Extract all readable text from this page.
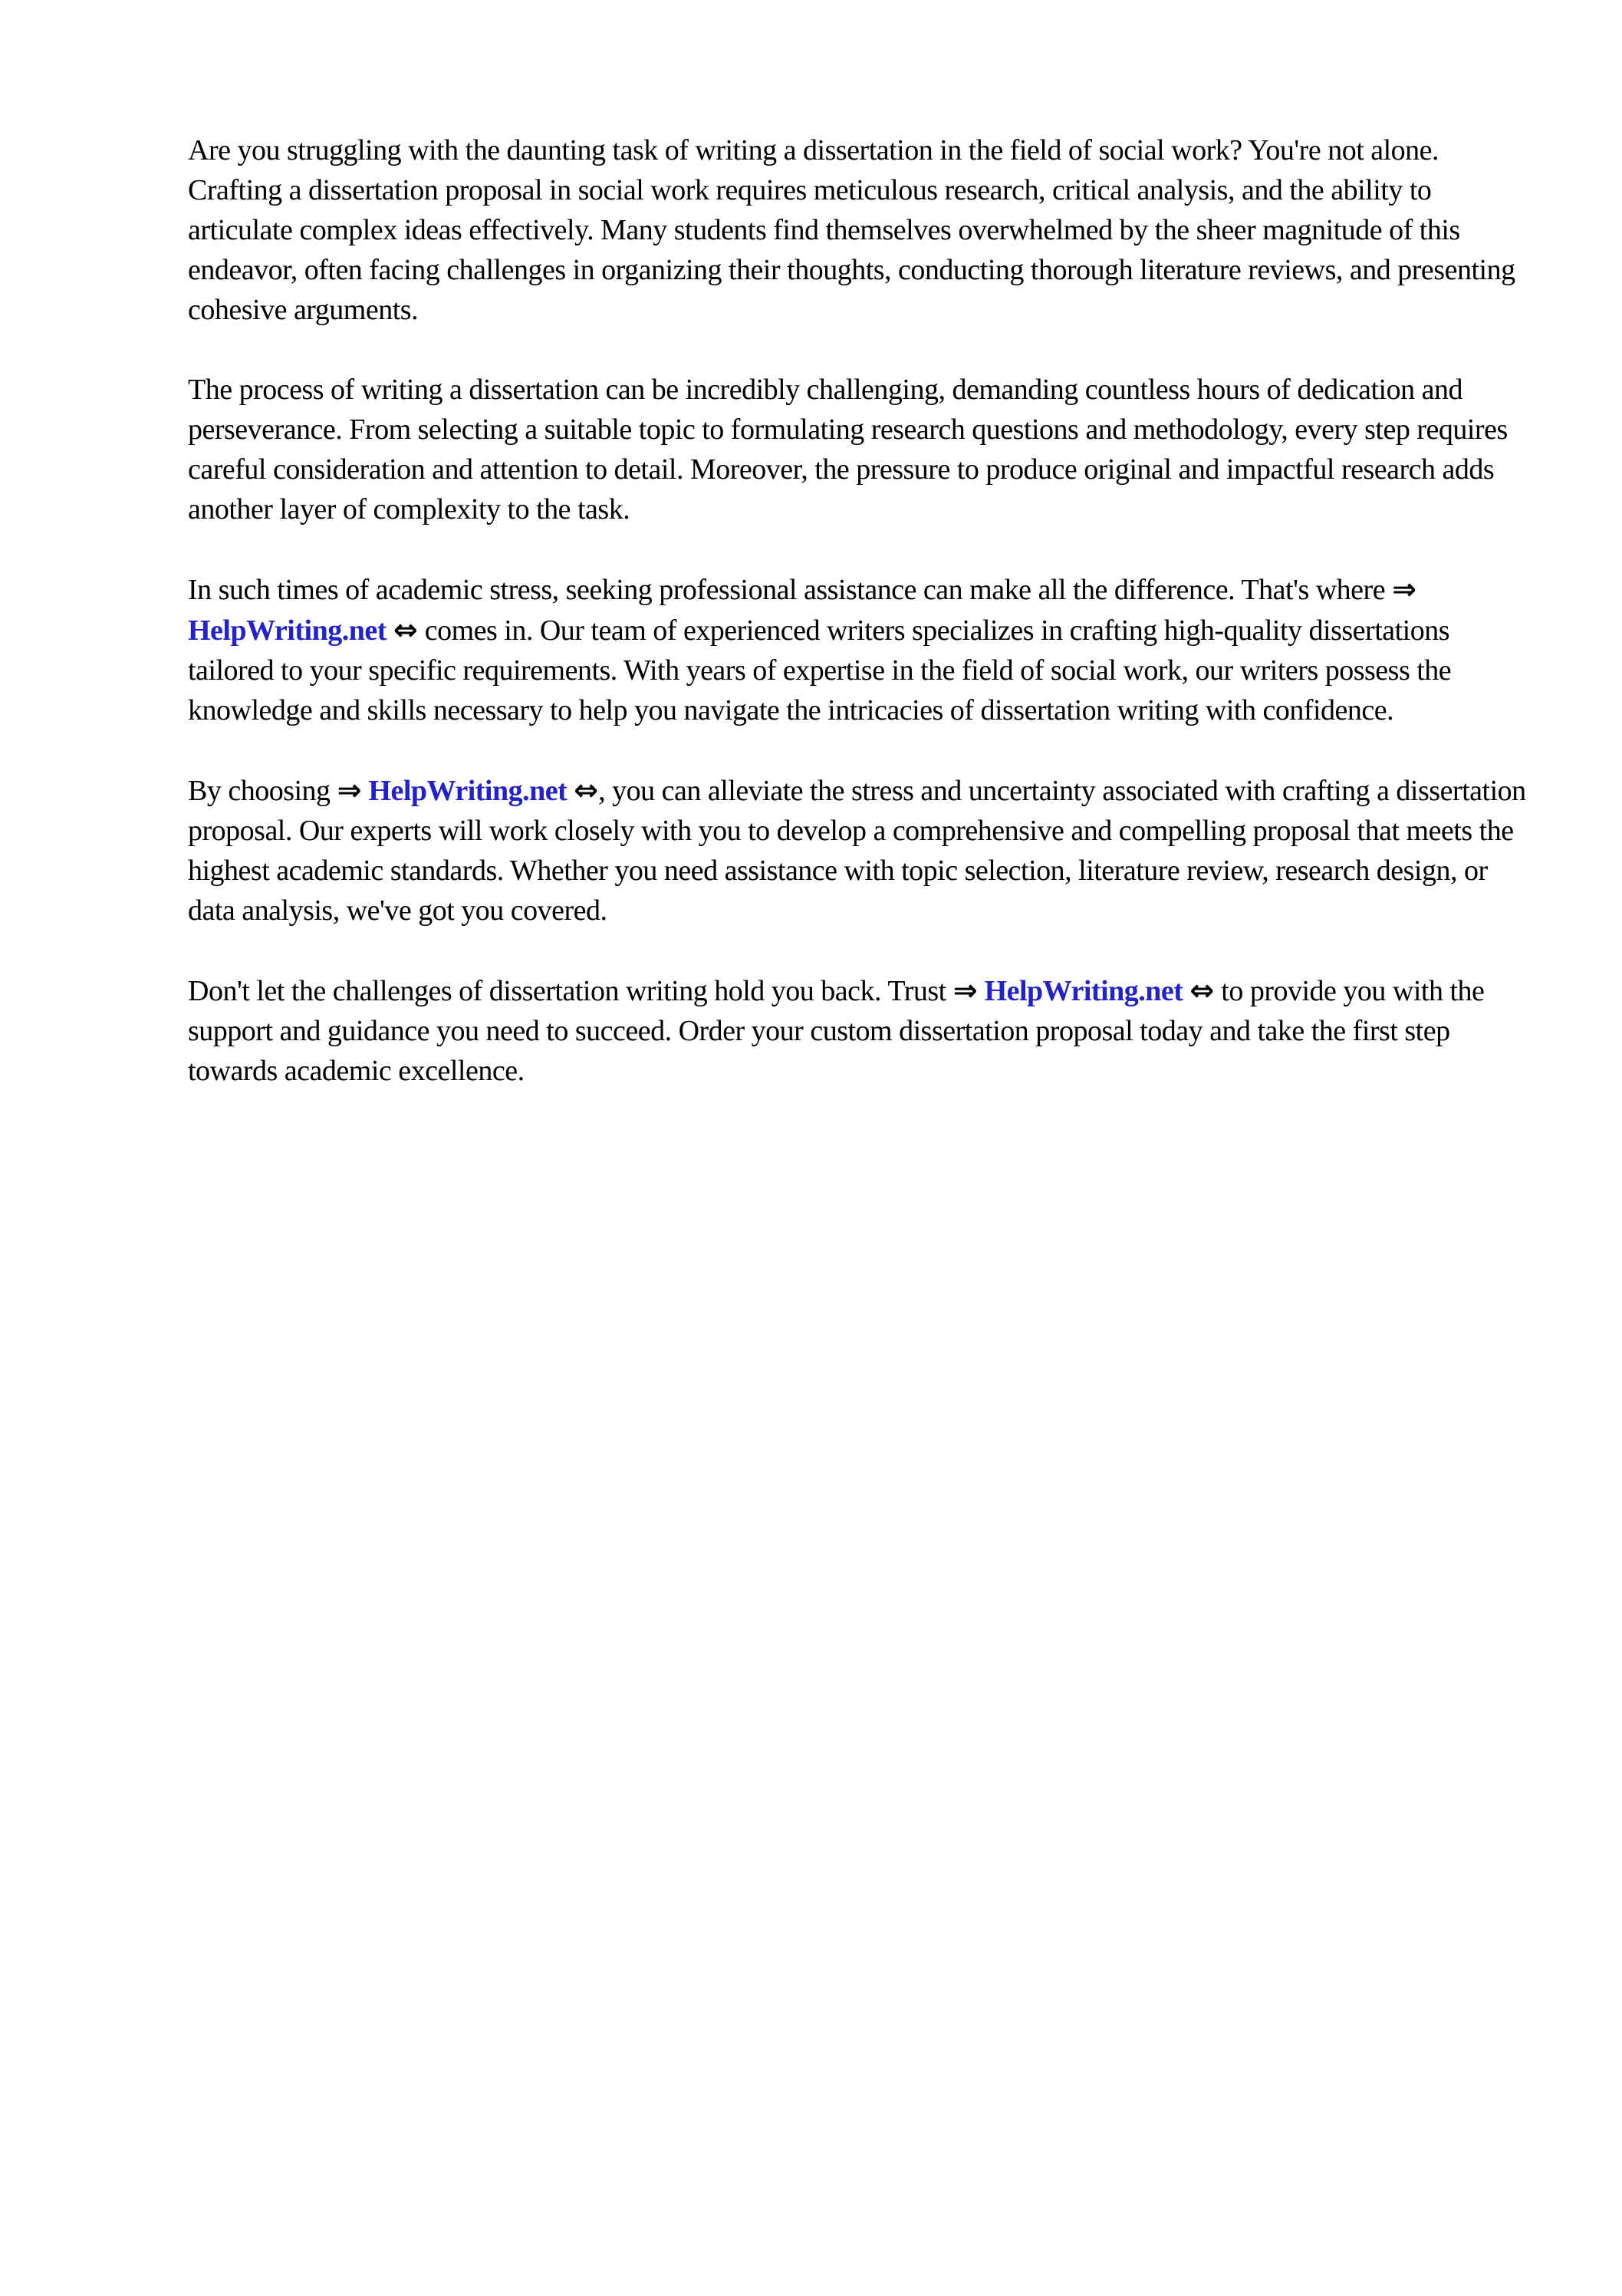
Are you struggling with the daunting task of writing a dissertation in the field of social work? You're not alone. Crafting a dissertation proposal in social work requires meticulous research, critical analysis, and the ability to articulate complex ideas effectively. Many students find themselves overwhelmed by the sheer magnitude of this endeavor, often facing challenges in organizing their thoughts, conducting thorough literature reviews, and presenting cohesive arguments.

The process of writing a dissertation can be incredibly challenging, demanding countless hours of dedication and perseverance. From selecting a suitable topic to formulating research questions and methodology, every step requires careful consideration and attention to detail. Moreover, the pressure to produce original and impactful research adds another layer of complexity to the task.

In such times of academic stress, seeking professional assistance can make all the difference. That's where ⇒ HelpWriting.net ⇔ comes in. Our team of experienced writers specializes in crafting high-quality dissertations tailored to your specific requirements. With years of expertise in the field of social work, our writers possess the knowledge and skills necessary to help you navigate the intricacies of dissertation writing with confidence.

By choosing ⇒ HelpWriting.net ⇔, you can alleviate the stress and uncertainty associated with crafting a dissertation proposal. Our experts will work closely with you to develop a comprehensive and compelling proposal that meets the highest academic standards. Whether you need assistance with topic selection, literature review, research design, or data analysis, we've got you covered.

Don't let the challenges of dissertation writing hold you back. Trust ⇒ HelpWriting.net ⇔ to provide you with the support and guidance you need to succeed. Order your custom dissertation proposal today and take the first step towards academic excellence.
